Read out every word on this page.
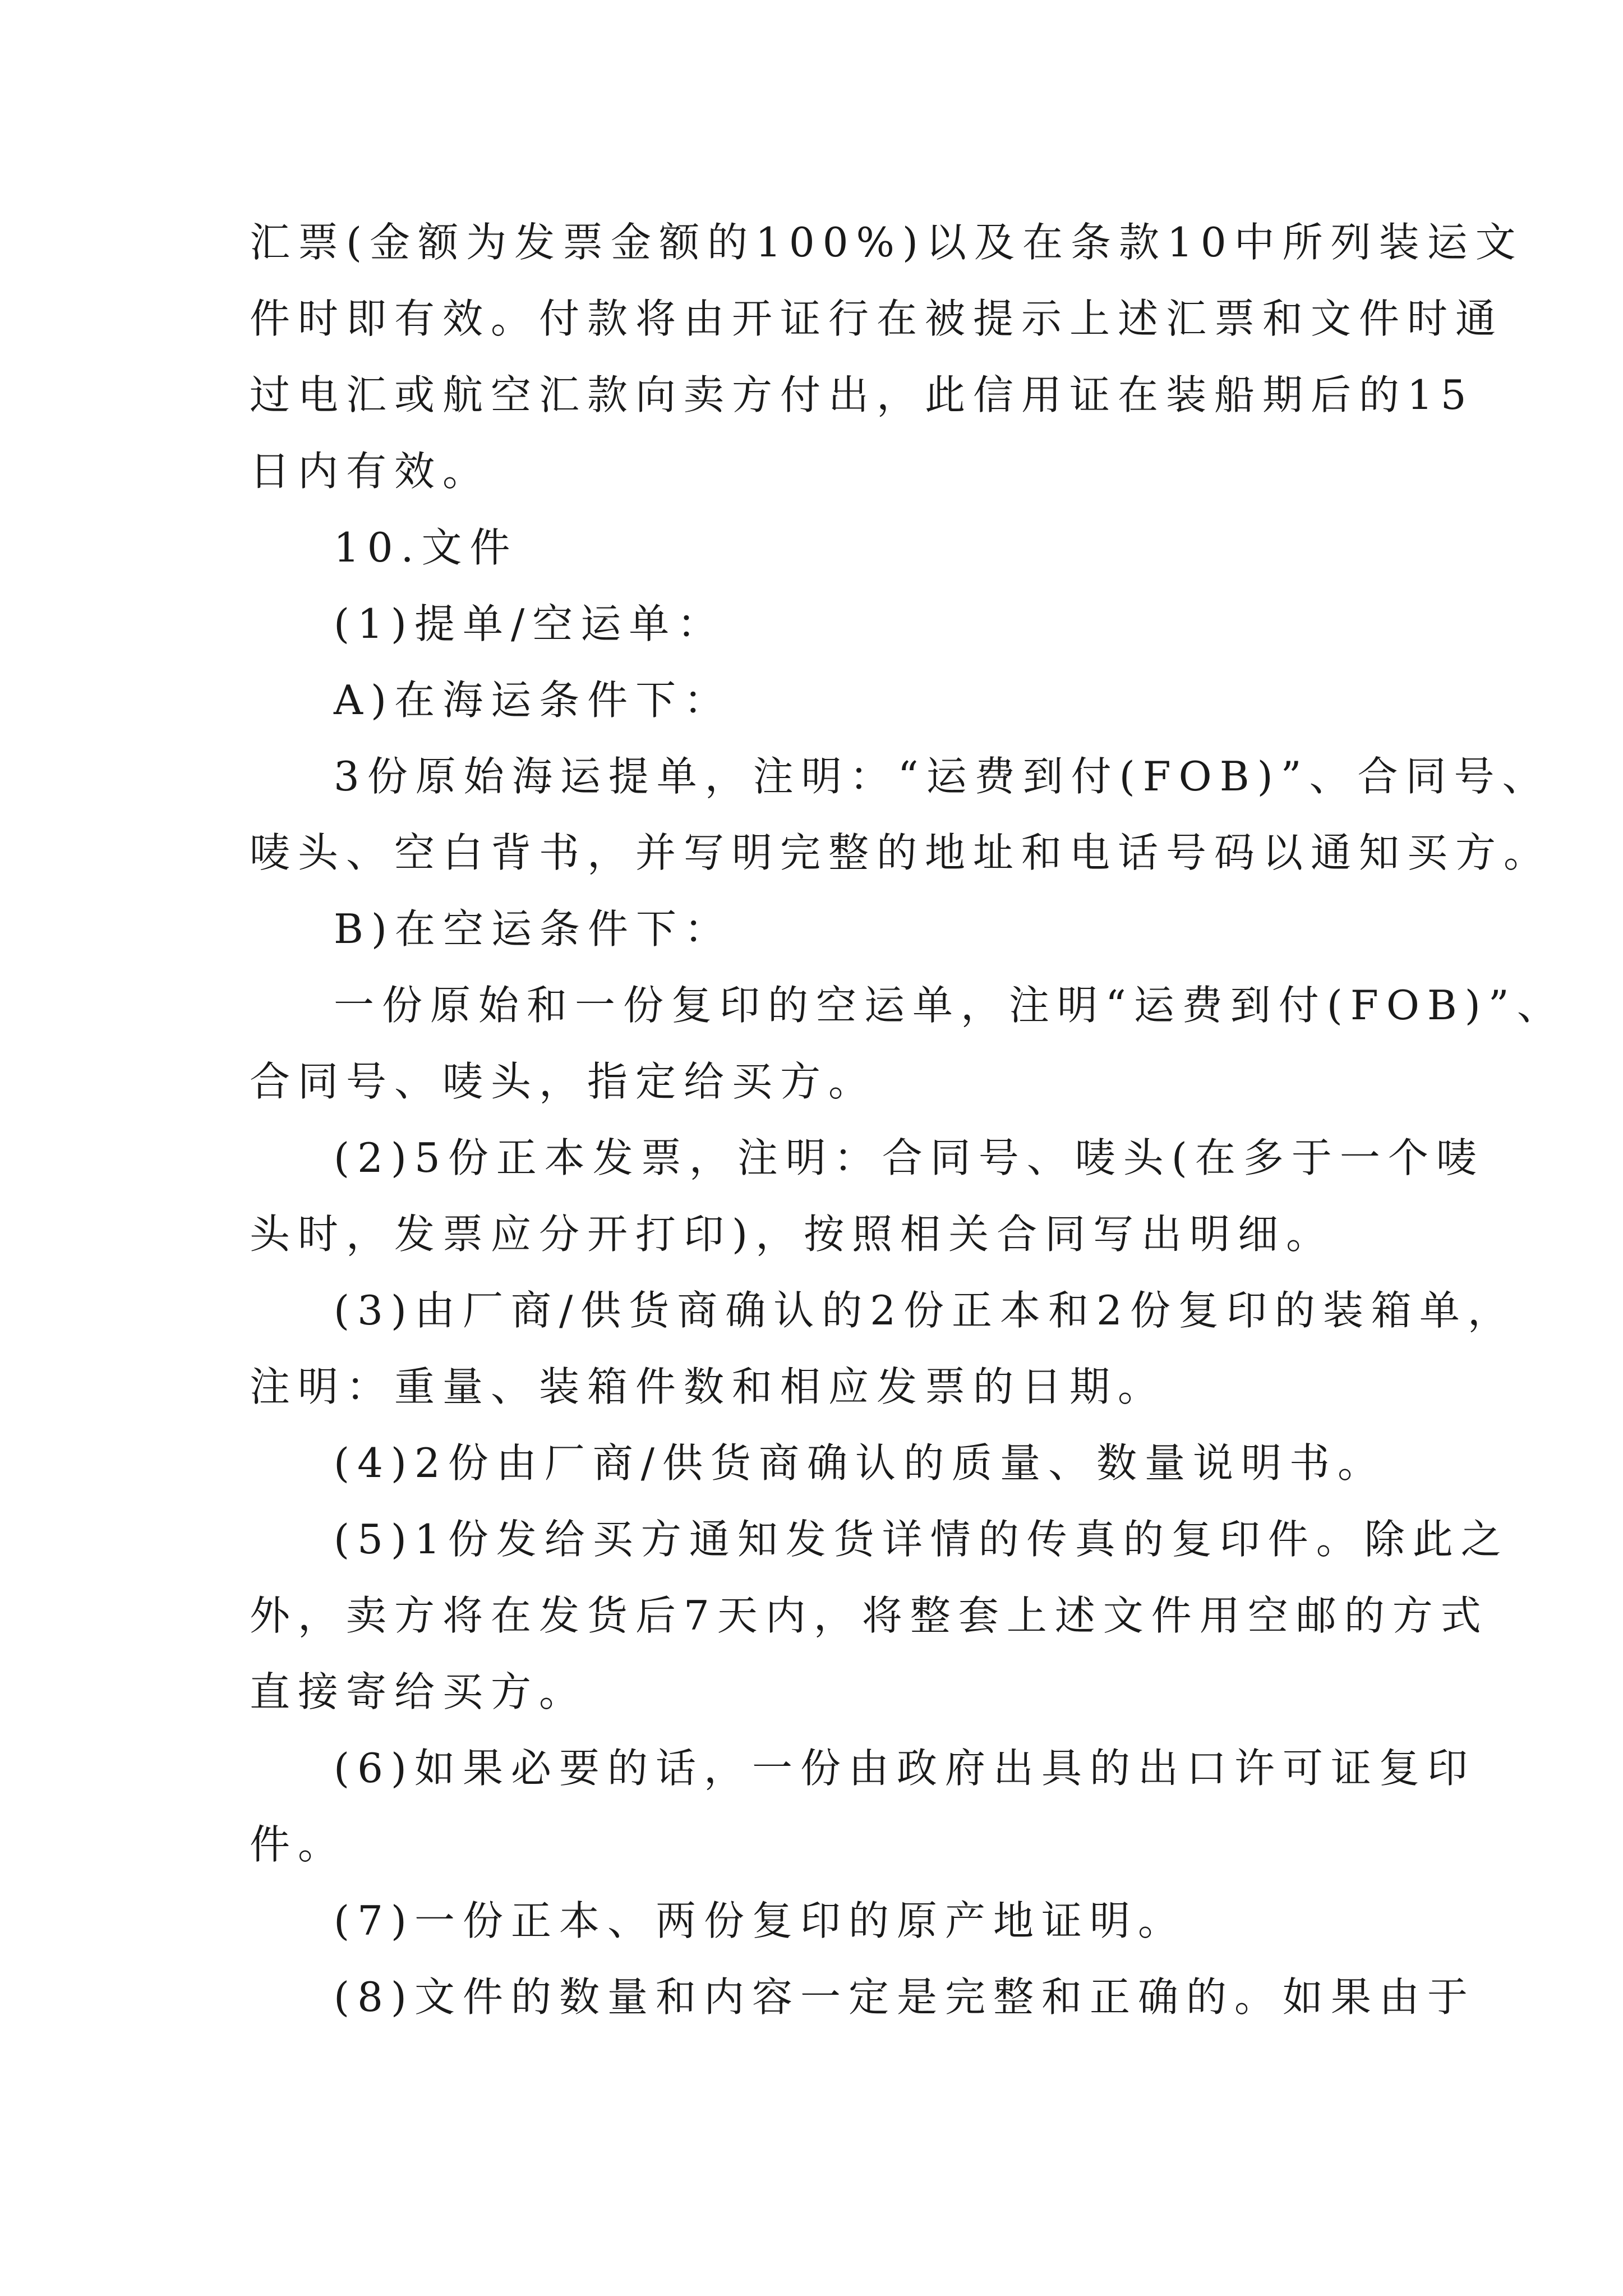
汇票(金额为发票金额的100%)以及在条款10中所列装运文
件时即有效。付款将由开证行在被提示上述汇票和文件时通
过电汇或航空汇款向卖方付出，此信用证在装船期后的15
日内有效。
10.文件
(1)提单/空运单：
A)在海运条件下：
3份原始海运提单，注明：“运费到付(FOB)”、合同号、
唛头、空白背书，并写明完整的地址和电话号码以通知买方。
B)在空运条件下：
一份原始和一份复印的空运单，注明“运费到付(FOB)”、
合同号、唛头，指定给买方。
(2)5份正本发票，注明：合同号、唛头(在多于一个唛
头时，发票应分开打印)，按照相关合同写出明细。
(3)由厂商/供货商确认的2份正本和2份复印的装箱单，
注明：重量、装箱件数和相应发票的日期。
(4)2份由厂商/供货商确认的质量、数量说明书。
(5)1份发给买方通知发货详情的传真的复印件。除此之
外，卖方将在发货后7天内，将整套上述文件用空邮的方式
直接寄给买方。
(6)如果必要的话，一份由政府出具的出口许可证复印
件。
(7)一份正本、两份复印的原产地证明。
(8)文件的数量和内容一定是完整和正确的。如果由于
